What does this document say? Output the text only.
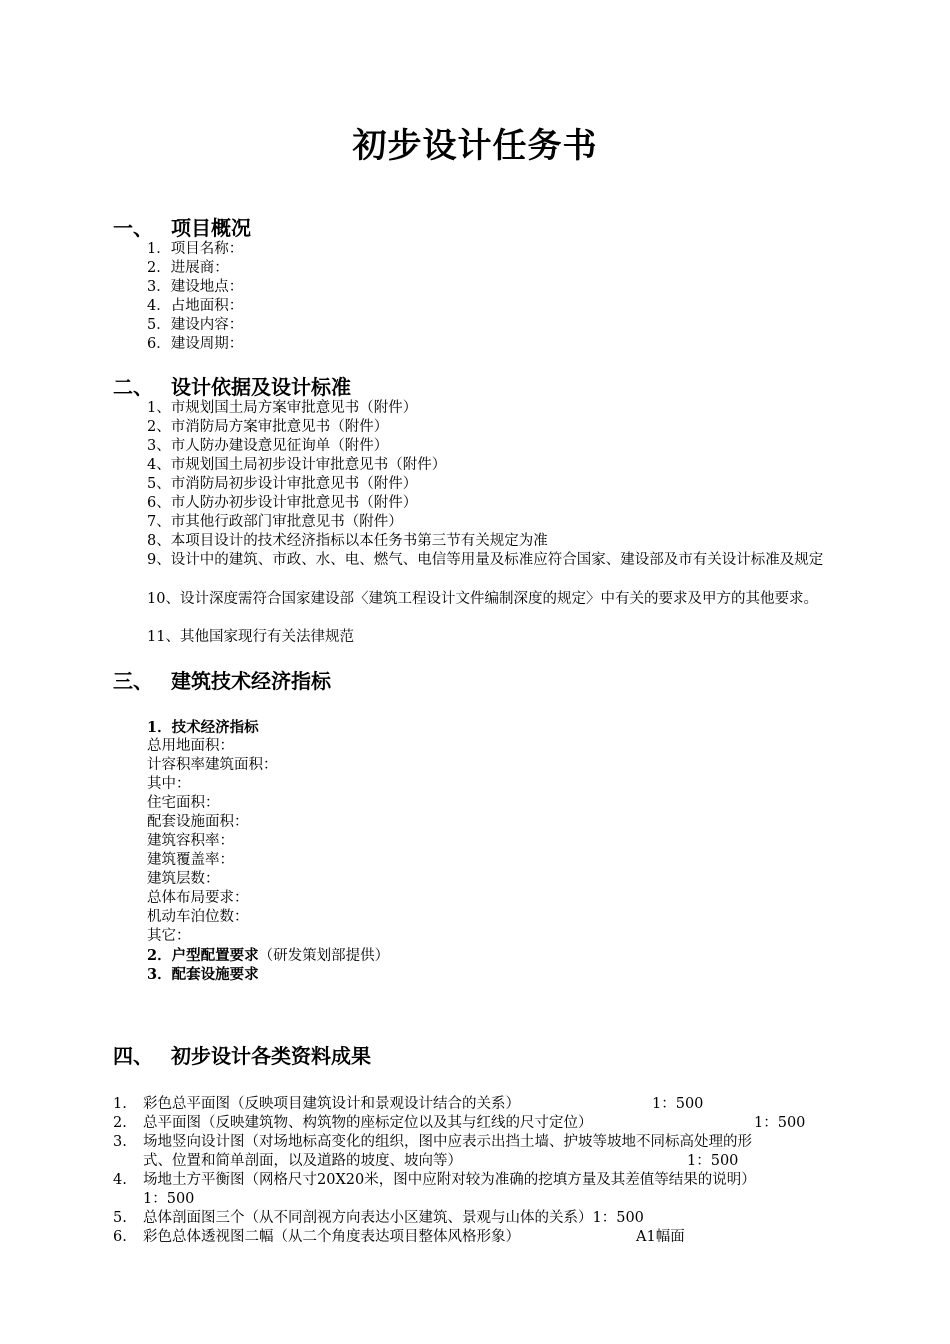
初步设计任务书
一、 项目概况
1．项目名称：
2．进展商：
3．建设地点：
4．占地面积：
5．建设内容：
6．建设周期：
二、 设计依据及设计标准
1、市规划国土局方案审批意见书（附件）
2、市消防局方案审批意见书（附件）
3、市人防办建设意见征询单（附件）
4、市规划国土局初步设计审批意见书（附件）
5、市消防局初步设计审批意见书（附件）
6、市人防办初步设计审批意见书（附件）
7、市其他行政部门审批意见书（附件）
8、本项目设计的技术经济指标以本任务书第三节有关规定为准
9、设计中的建筑、市政、水、电、燃气、电信等用量及标准应符合国家、建设部及市有关设计标准及规定
10、设计深度需符合国家建设部〈建筑工程设计文件编制深度的规定〉中有关的要求及甲方的其他要求。
11、其他国家现行有关法律规范
三、 建筑技术经济指标
1．技术经济指标
总用地面积：
计容积率建筑面积：
其中：
住宅面积：
配套设施面积：
建筑容积率：
建筑覆盖率：
建筑层数：
总体布局要求：
机动车泊位数：
其它：
2．户型配置要求（研发策划部提供）
3．配套设施要求
四、 初步设计各类资料成果
1. 彩色总平面图（反映项目建筑设计和景观设计结合的关系）	1：500
2. 总平面图（反映建筑物、构筑物的座标定位以及其与红线的尺寸定位）	1：500
3. 场地竖向设计图（对场地标高变化的组织，图中应表示出挡土墙、护坡等坡地不同标高处理的形
式、位置和简单剖面，以及道路的坡度、坡向等）	1：500
4. 场地土方平衡图（网格尺寸20X20米，图中应附对较为准确的挖填方量及其差值等结果的说明）
1：500
5. 总体剖面图三个（从不同剖视方向表达小区建筑、景观与山体的关系）1：500
6. 彩色总体透视图二幅（从二个角度表达项目整体风格形象）	A1幅面
